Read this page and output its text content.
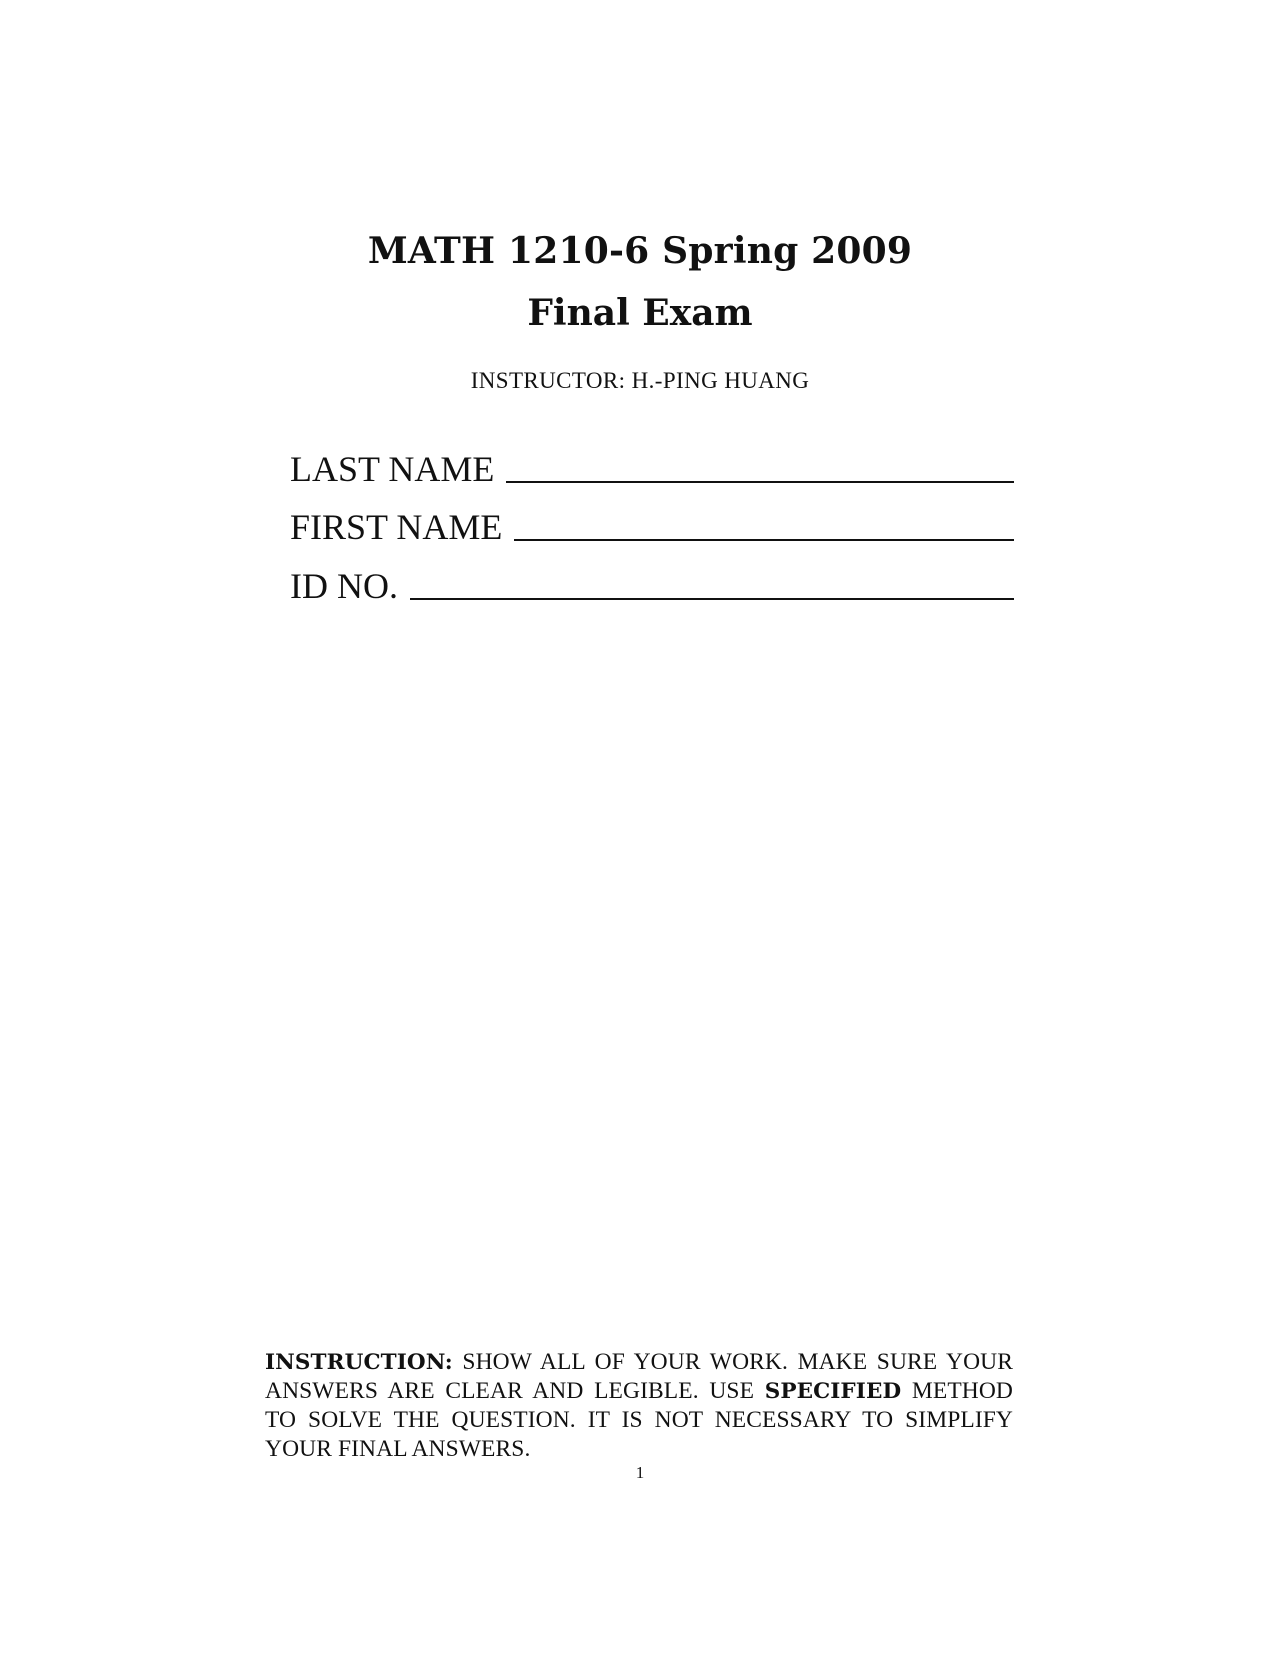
MATH 1210-6 Spring 2009
Final Exam
INSTRUCTOR: H.-PING HUANG
LAST NAME
FIRST NAME
ID NO.
INSTRUCTION: SHOW ALL OF YOUR WORK. MAKE SURE YOUR ANSWERS ARE CLEAR AND LEGIBLE. USE SPECIFIED METHOD TO SOLVE THE QUESTION. IT IS NOT NECESSARY TO SIMPLIFY YOUR FINAL ANSWERS.
1
